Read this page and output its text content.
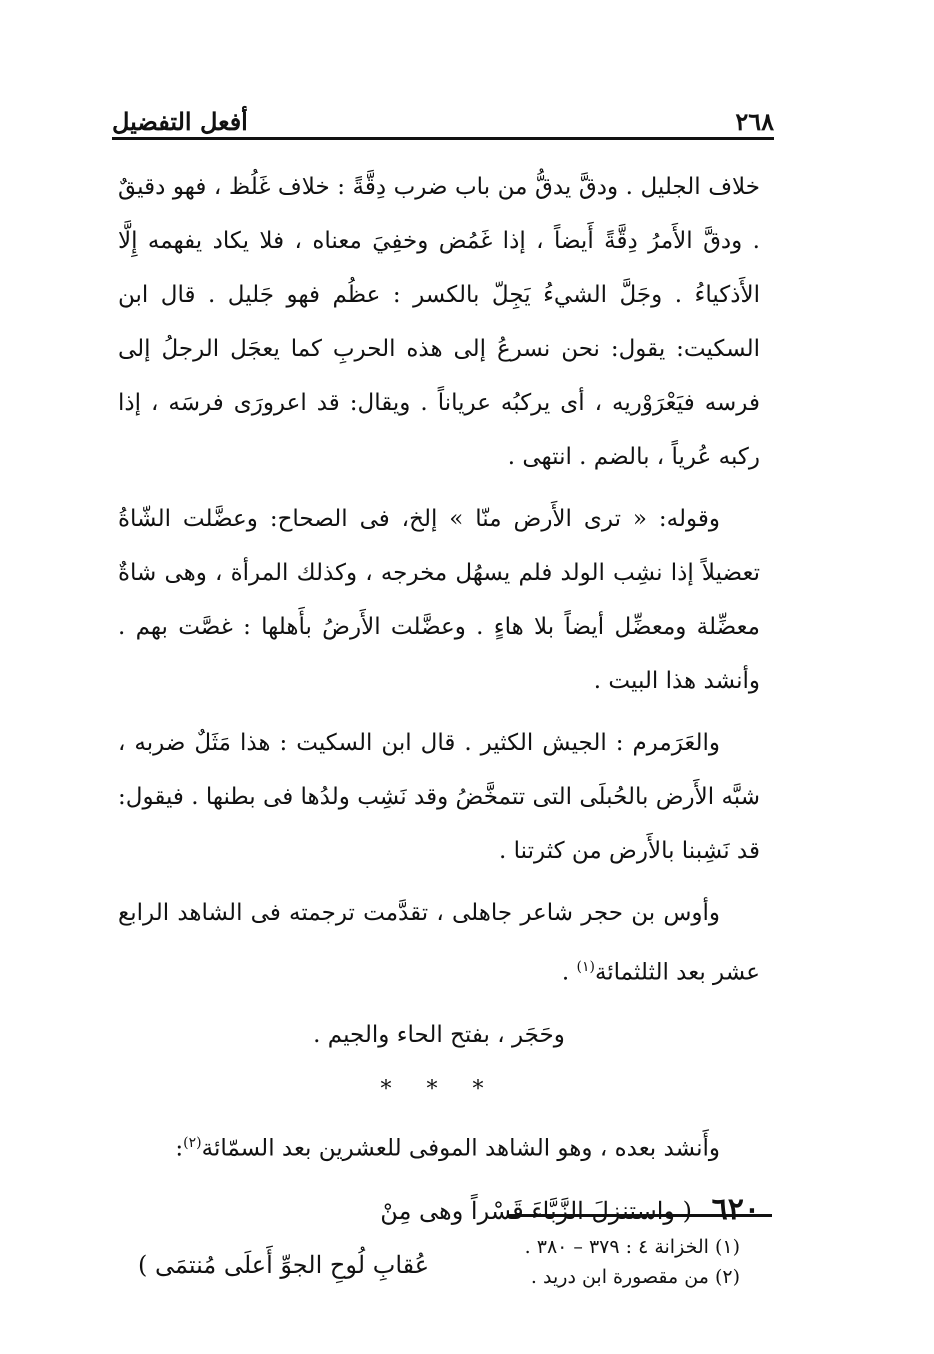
أفعل التفضيل	٢٦٨

خلاف الجليل . ودقَّ يدقُّ من باب ضرب دِقَّةً : خلاف غَلُظ ، فهو دقيقٌ . ودقَّ الأَمرُ دِقَّةً أَيضاً ، إذا غَمُض وخفِيَ معناه ، فلا يكاد يفهمه إِلَّا الأَذكياءُ . وجَلَّ الشيءُ يَجِلّ بالكسر : عظُم فهو جَليل . قال ابن السكيت: يقول: نحن نسرعُ إلى هذه الحربِ كما يعجَل الرجلُ إلى فرسه فيَعْرَوْريه ، أى يركبُه عرياناً . ويقال: قد اعرورَى فرسَه ، إذا ركبه عُرياً ، بالضم . انتهى .

وقوله: « ترى الأَرض منّا » إلخ، فى الصحاح: وعضَّلت الشّاةُ تعضيلاً إذا نشِب الولد فلم يسهُل مخرجه ، وكذلك المرأة ، وهى شاةٌ معضِّلة ومعضِّل أيضاً بلا هاءٍ . وعضَّلت الأَرضُ بأَهلها : غصَّت بهم . وأنشد هذا البيت .

والعَرَمرم : الجيش الكثير . قال ابن السكيت : هذا مَثَلٌ ضربه ، شبَّه الأَرض بالحُبلَى التى تتمخَّضُ وقد نَشِب ولدُها فى بطنها . فيقول: قد نَشِبنا بالأَرض من كثرتنا .

وأوس بن حجر شاعر جاهلى ، تقدَّمت ترجمته فى الشاهد الرابع عشر بعد الثلثمائة$^{(١)}$ .

وحَجَر ، بفتح الحاء والجيم .

* * *

وأَنشد بعده ، وهو الشاهد الموفى للعشرين بعد السمّائة$^{(٢)}$:

٦٢٠ ( واستنزلَ الزَّبَّاءَ قَسْراً وهى مِنْ
عُقابِ لُوحِ الجوِّ أَعلَى مُنتمَى )
(١) الخزانة ٤ : ٣٧٩ – ٣٨٠ .
(٢) من مقصورة ابن دريد .
